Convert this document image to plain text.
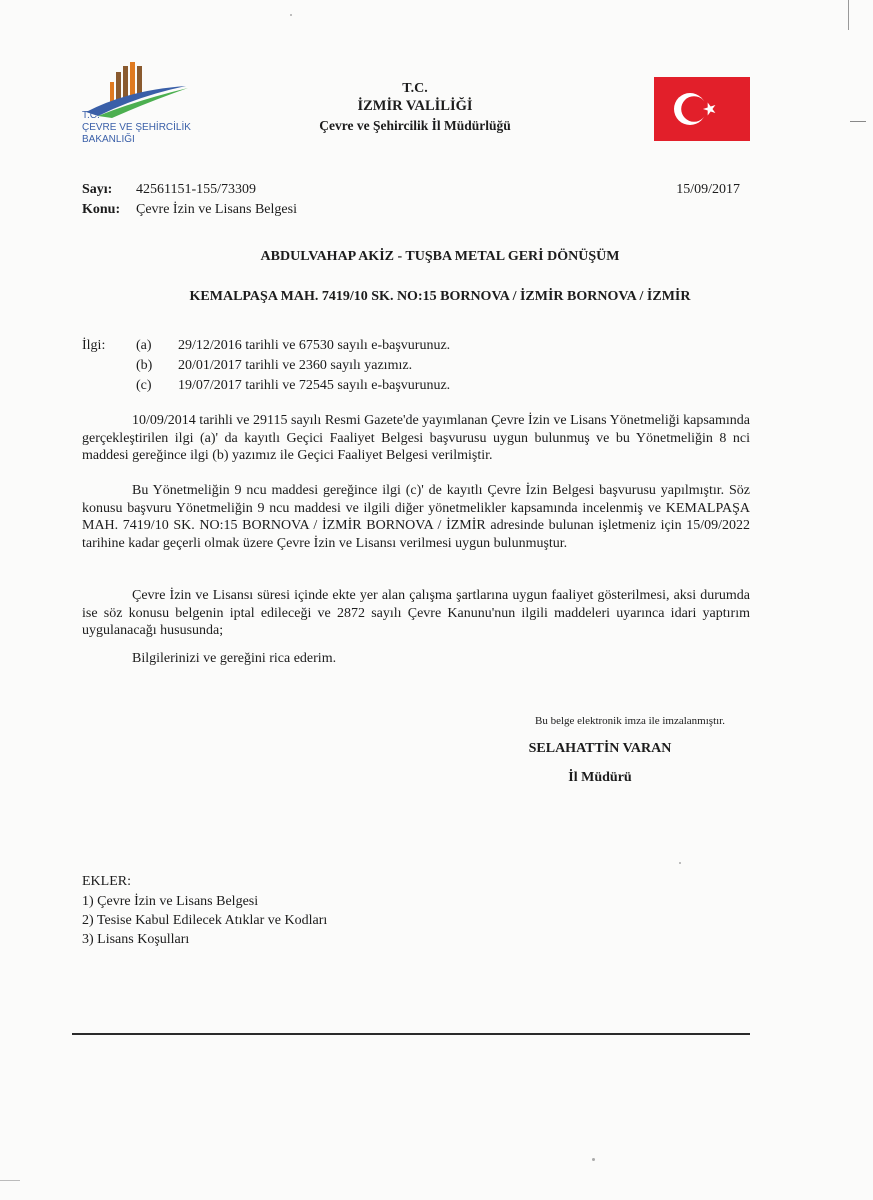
T.C.
ÇEVRE VE ŞEHİRCİLİK
BAKANLIĞI
T.C.
İZMİR VALİLİĞİ
Çevre ve Şehircilik İl Müdürlüğü
Sayı: 42561151-155/73309
Konu: Çevre İzin ve Lisans Belgesi
15/09/2017
ABDULVAHAP AKİZ - TUŞBA METAL GERİ DÖNÜŞÜM
KEMALPAŞA MAH. 7419/10 SK. NO:15 BORNOVA / İZMİR BORNOVA / İZMİR
İlgi: (a) 29/12/2016 tarihli ve 67530 sayılı e-başvurunuz.
(b) 20/01/2017 tarihli ve 2360 sayılı yazımız.
(c) 19/07/2017 tarihli ve 72545 sayılı e-başvurunuz.

10/09/2014 tarihli ve 29115 sayılı Resmi Gazete'de yayımlanan Çevre İzin ve Lisans Yönetmeliği kapsamında gerçekleştirilen ilgi (a)' da kayıtlı Geçici Faaliyet Belgesi başvurusu uygun bulunmuş ve bu Yönetmeliğin 8 nci maddesi gereğince ilgi (b) yazımız ile Geçici Faaliyet Belgesi verilmiştir.

Bu Yönetmeliğin 9 ncu maddesi gereğince ilgi (c)' de kayıtlı Çevre İzin Belgesi başvurusu yapılmıştır. Söz konusu başvuru Yönetmeliğin 9 ncu maddesi ve ilgili diğer yönetmelikler kapsamında incelenmiş ve KEMALPAŞA MAH. 7419/10 SK. NO:15 BORNOVA / İZMİR BORNOVA / İZMİR adresinde bulunan işletmeniz için 15/09/2022 tarihine kadar geçerli olmak üzere Çevre İzin ve Lisansı verilmesi uygun bulunmuştur.

Çevre İzin ve Lisansı süresi içinde ekte yer alan çalışma şartlarına uygun faaliyet gösterilmesi, aksi durumda ise söz konusu belgenin iptal edileceği ve 2872 sayılı Çevre Kanunu'nun ilgili maddeleri uyarınca idari yaptırım uygulanacağı hususunda;

Bilgilerinizi ve gereğini rica ederim.
Bu belge elektronik imza ile imzalanmıştır.
SELAHATTİN VARAN
İl Müdürü
EKLER:
1) Çevre İzin ve Lisans Belgesi
2) Tesise Kabul Edilecek Atıklar ve Kodları
3) Lisans Koşulları
